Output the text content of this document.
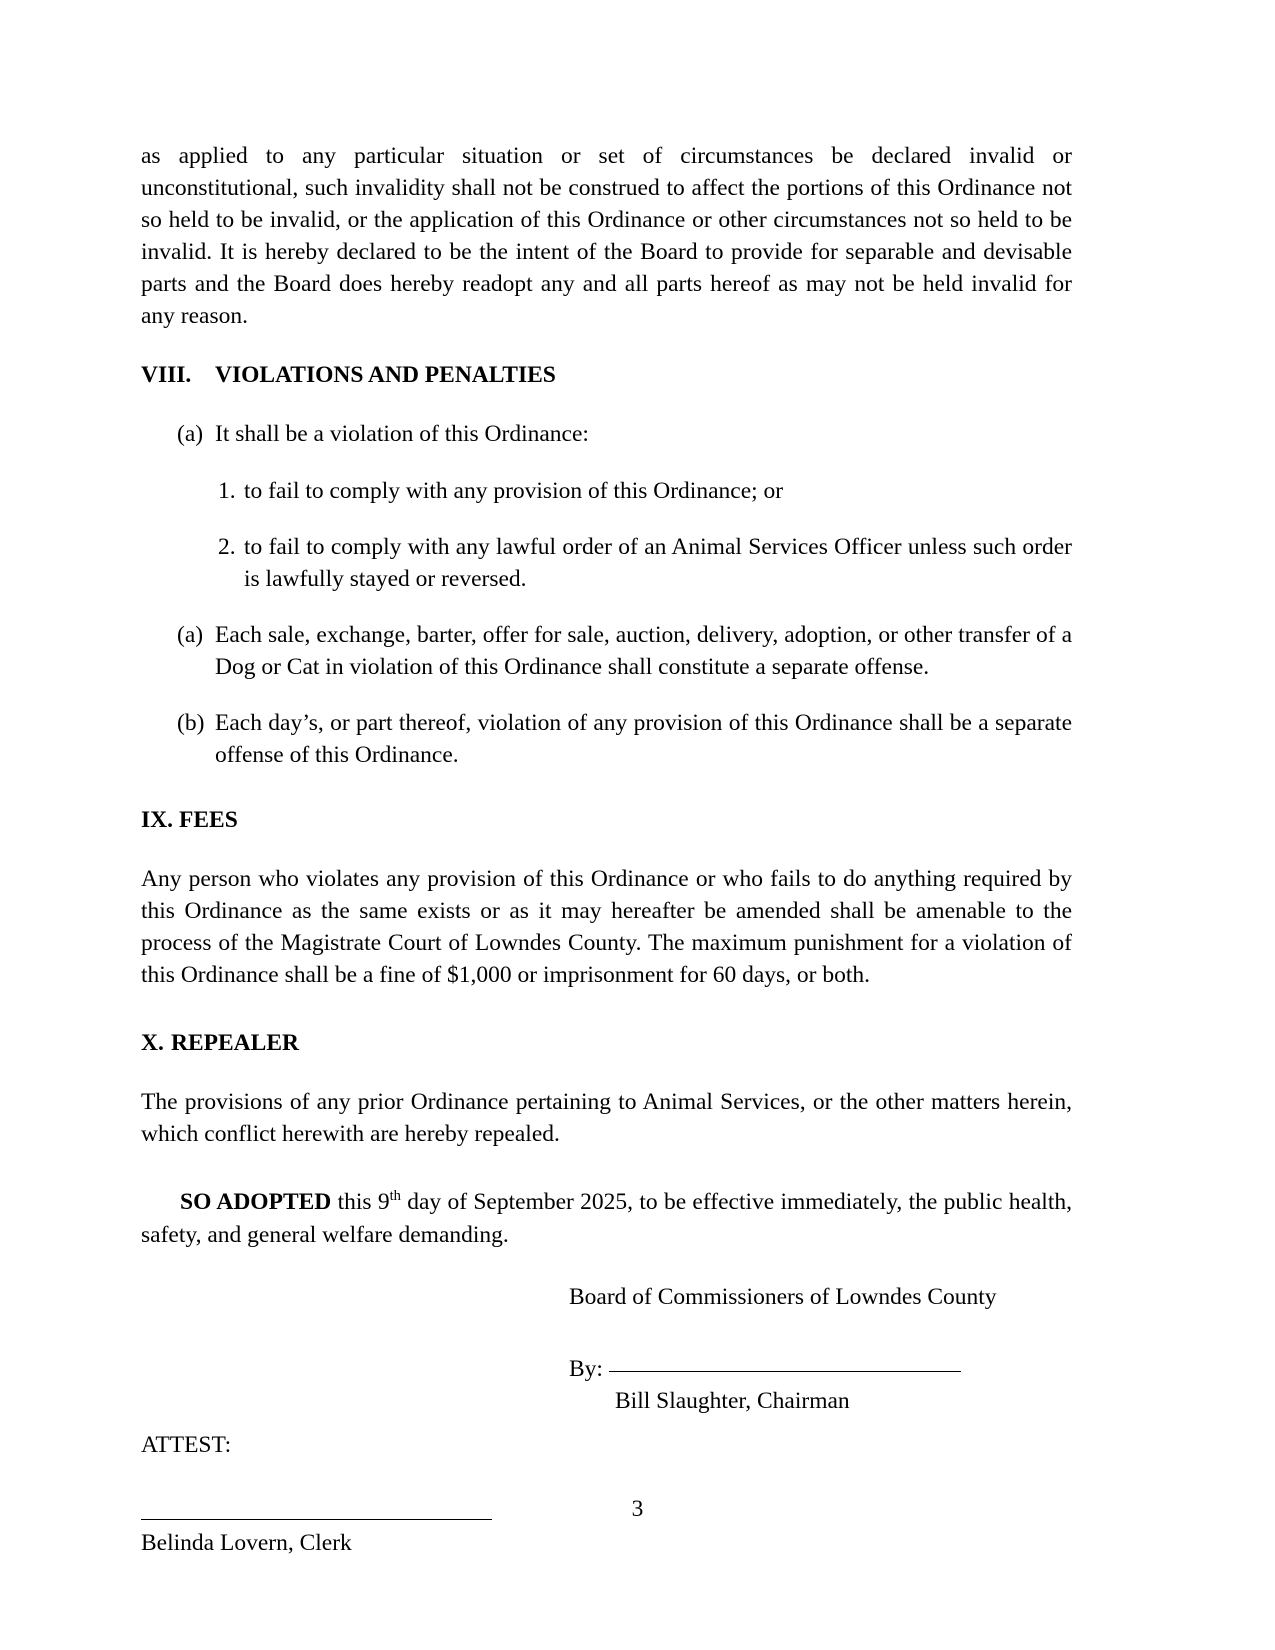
as applied to any particular situation or set of circumstances be declared invalid or unconstitutional, such invalidity shall not be construed to affect the portions of this Ordinance not so held to be invalid, or the application of this Ordinance or other circumstances not so held to be invalid. It is hereby declared to be the intent of the Board to provide for separable and devisable parts and the Board does hereby readopt any and all parts hereof as may not be held invalid for any reason.

VIII.	VIOLATIONS AND PENALTIES
(a) It shall be a violation of this Ordinance:
1. to fail to comply with any provision of this Ordinance; or
2. to fail to comply with any lawful order of an Animal Services Officer unless such order is lawfully stayed or reversed.
(a) Each sale, exchange, barter, offer for sale, auction, delivery, adoption, or other transfer of a Dog or Cat in violation of this Ordinance shall constitute a separate offense.
(b) Each day’s, or part thereof, violation of any provision of this Ordinance shall be a separate offense of this Ordinance.
IX. FEES

Any person who violates any provision of this Ordinance or who fails to do anything required by this Ordinance as the same exists or as it may hereafter be amended shall be amenable to the process of the Magistrate Court of Lowndes County. The maximum punishment for a violation of this Ordinance shall be a fine of $1,000 or imprisonment for 60 days, or both.

X. REPEALER

The provisions of any prior Ordinance pertaining to Animal Services, or the other matters herein, which conflict herewith are hereby repealed.

SO ADOPTED this 9th day of September 2025, to be effective immediately, the public health, safety, and general welfare demanding.

Board of Commissioners of Lowndes County
By:
Bill Slaughter, Chairman
ATTEST:
Belinda Lovern, Clerk
3
